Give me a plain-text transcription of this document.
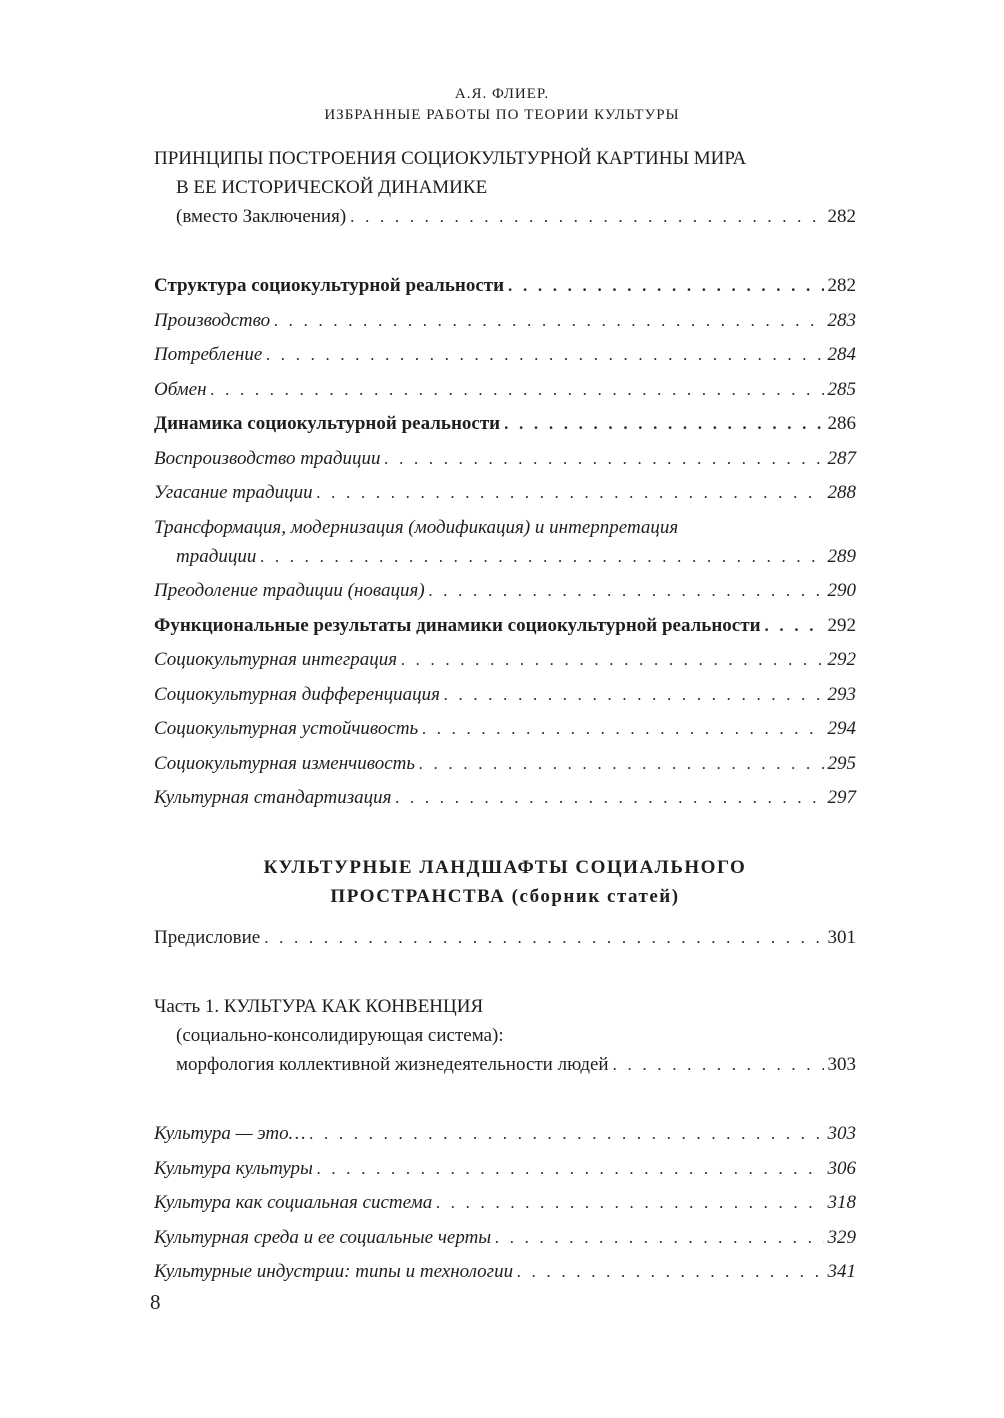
А.Я. ФЛИЕР.
ИЗБРАННЫЕ РАБОТЫ ПО ТЕОРИИ КУЛЬТУРЫ
ПРИНЦИПЫ ПОСТРОЕНИЯ СОЦИОКУЛЬТУРНОЙ КАРТИНЫ МИРА
В ЕЕ ИСТОРИЧЕСКОЙ ДИНАМИКЕ
(вместо Заключения) . . .	282
Структура социокультурной реальности . . .	282
Производство . . .	283
Потребление . . .	284
Обмен . . .	285
Динамика социокультурной реальности . . .	286
Воспроизводство традиции . . .	287
Угасание традиции . . .	288
Трансформация, модернизация (модификация) и интерпретация
традиции . . .	289
Преодоление традиции (новация) . . .	290
Функциональные результаты динамики социокультурной реальности . . .	292
Социокультурная интеграция . . .	292
Социокультурная дифференциация . . .	293
Социокультурная устойчивость . . .	294
Социокультурная изменчивость . . .	295
Культурная стандартизация . . .	297
КУЛЬТУРНЫЕ ЛАНДШАФТЫ СОЦИАЛЬНОГО
ПРОСТРАНСТВА (сборник статей)
Предисловие . . .	301
Часть 1. КУЛЬТУРА КАК КОНВЕНЦИЯ
(социально-консолидирующая система):
морфология коллективной жизнедеятельности людей . . .	303
Культура — это… . . .	303
Культура культуры . . .	306
Культура как социальная система . . .	318
Культурная среда и ее социальные черты . . .	329
Культурные индустрии: типы и технологии . . .	341
8
